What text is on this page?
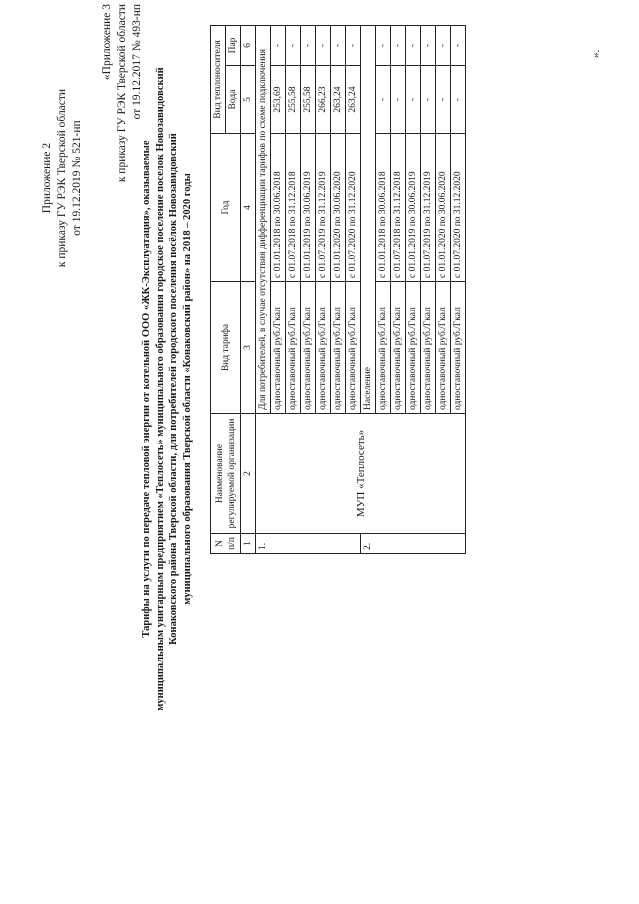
Приложение 2 к приказу ГУ РЭК Тверской области от 19.12.2019 № 521-нп
«Приложение 3 к приказу ГУ РЭК Тверской области от 19.12.2017 № 493-нп
Тарифы на услуги по передаче тепловой энергии от котельной ООО «ЖК-Эксплуатация», оказываемые муниципальным унитарным предприятием «Теплосеть» муниципального образования городское поселение поселок Новозавидовский Конаковского района Тверской области, для потребителей городского поселения посёлок Новозавидовский муниципального образования Тверской области «Конаковский район» на 2018 – 2020 годы N п/п	Наименование регулируемой организации	Вид тарифа	Год	Вид теплоносителя	
				Вода	Пар
1	2	3	4	5	6
1.	МУП «Теплосеть»	Для потребителей, в случае отсутствия дифференциации тарифов по схеме подключения			
		одноставочный руб./Гкал	с 01.01.2018 по 30.06.2018	253,69	-
		одноставочный руб./Гкал	с 01.07.2018 по 31.12.2018	255,58	-
		одноставочный руб./Гкал	с 01.01.2019 по 30.06.2019	255,58	-
		одноставочный руб./Гкал	с 01.07.2019 по 31.12.2019	266,23	-
		одноставочный руб./Гкал	с 01.01.2020 по 30.06.2020	263,24	-
		одноставочный руб./Гкал	с 01.07.2020 по 31.12.2020	263,24	-
2.		Население			
		одноставочный руб./Гкал	с 01.01.2018 по 30.06.2018	-	-
		одноставочный руб./Гкал	с 01.07.2018 по 31.12.2018	-	-
		одноставочный руб./Гкал	с 01.01.2019 по 30.06.2019	-	-
		одноставочный руб./Гкал	с 01.07.2019 по 31.12.2019	-	-
		одноставочный руб./Гкал	с 01.01.2020 по 30.06.2020	-	-
		одноставочный руб./Гкал	с 01.07.2020 по 31.12.2020	-	-
».
